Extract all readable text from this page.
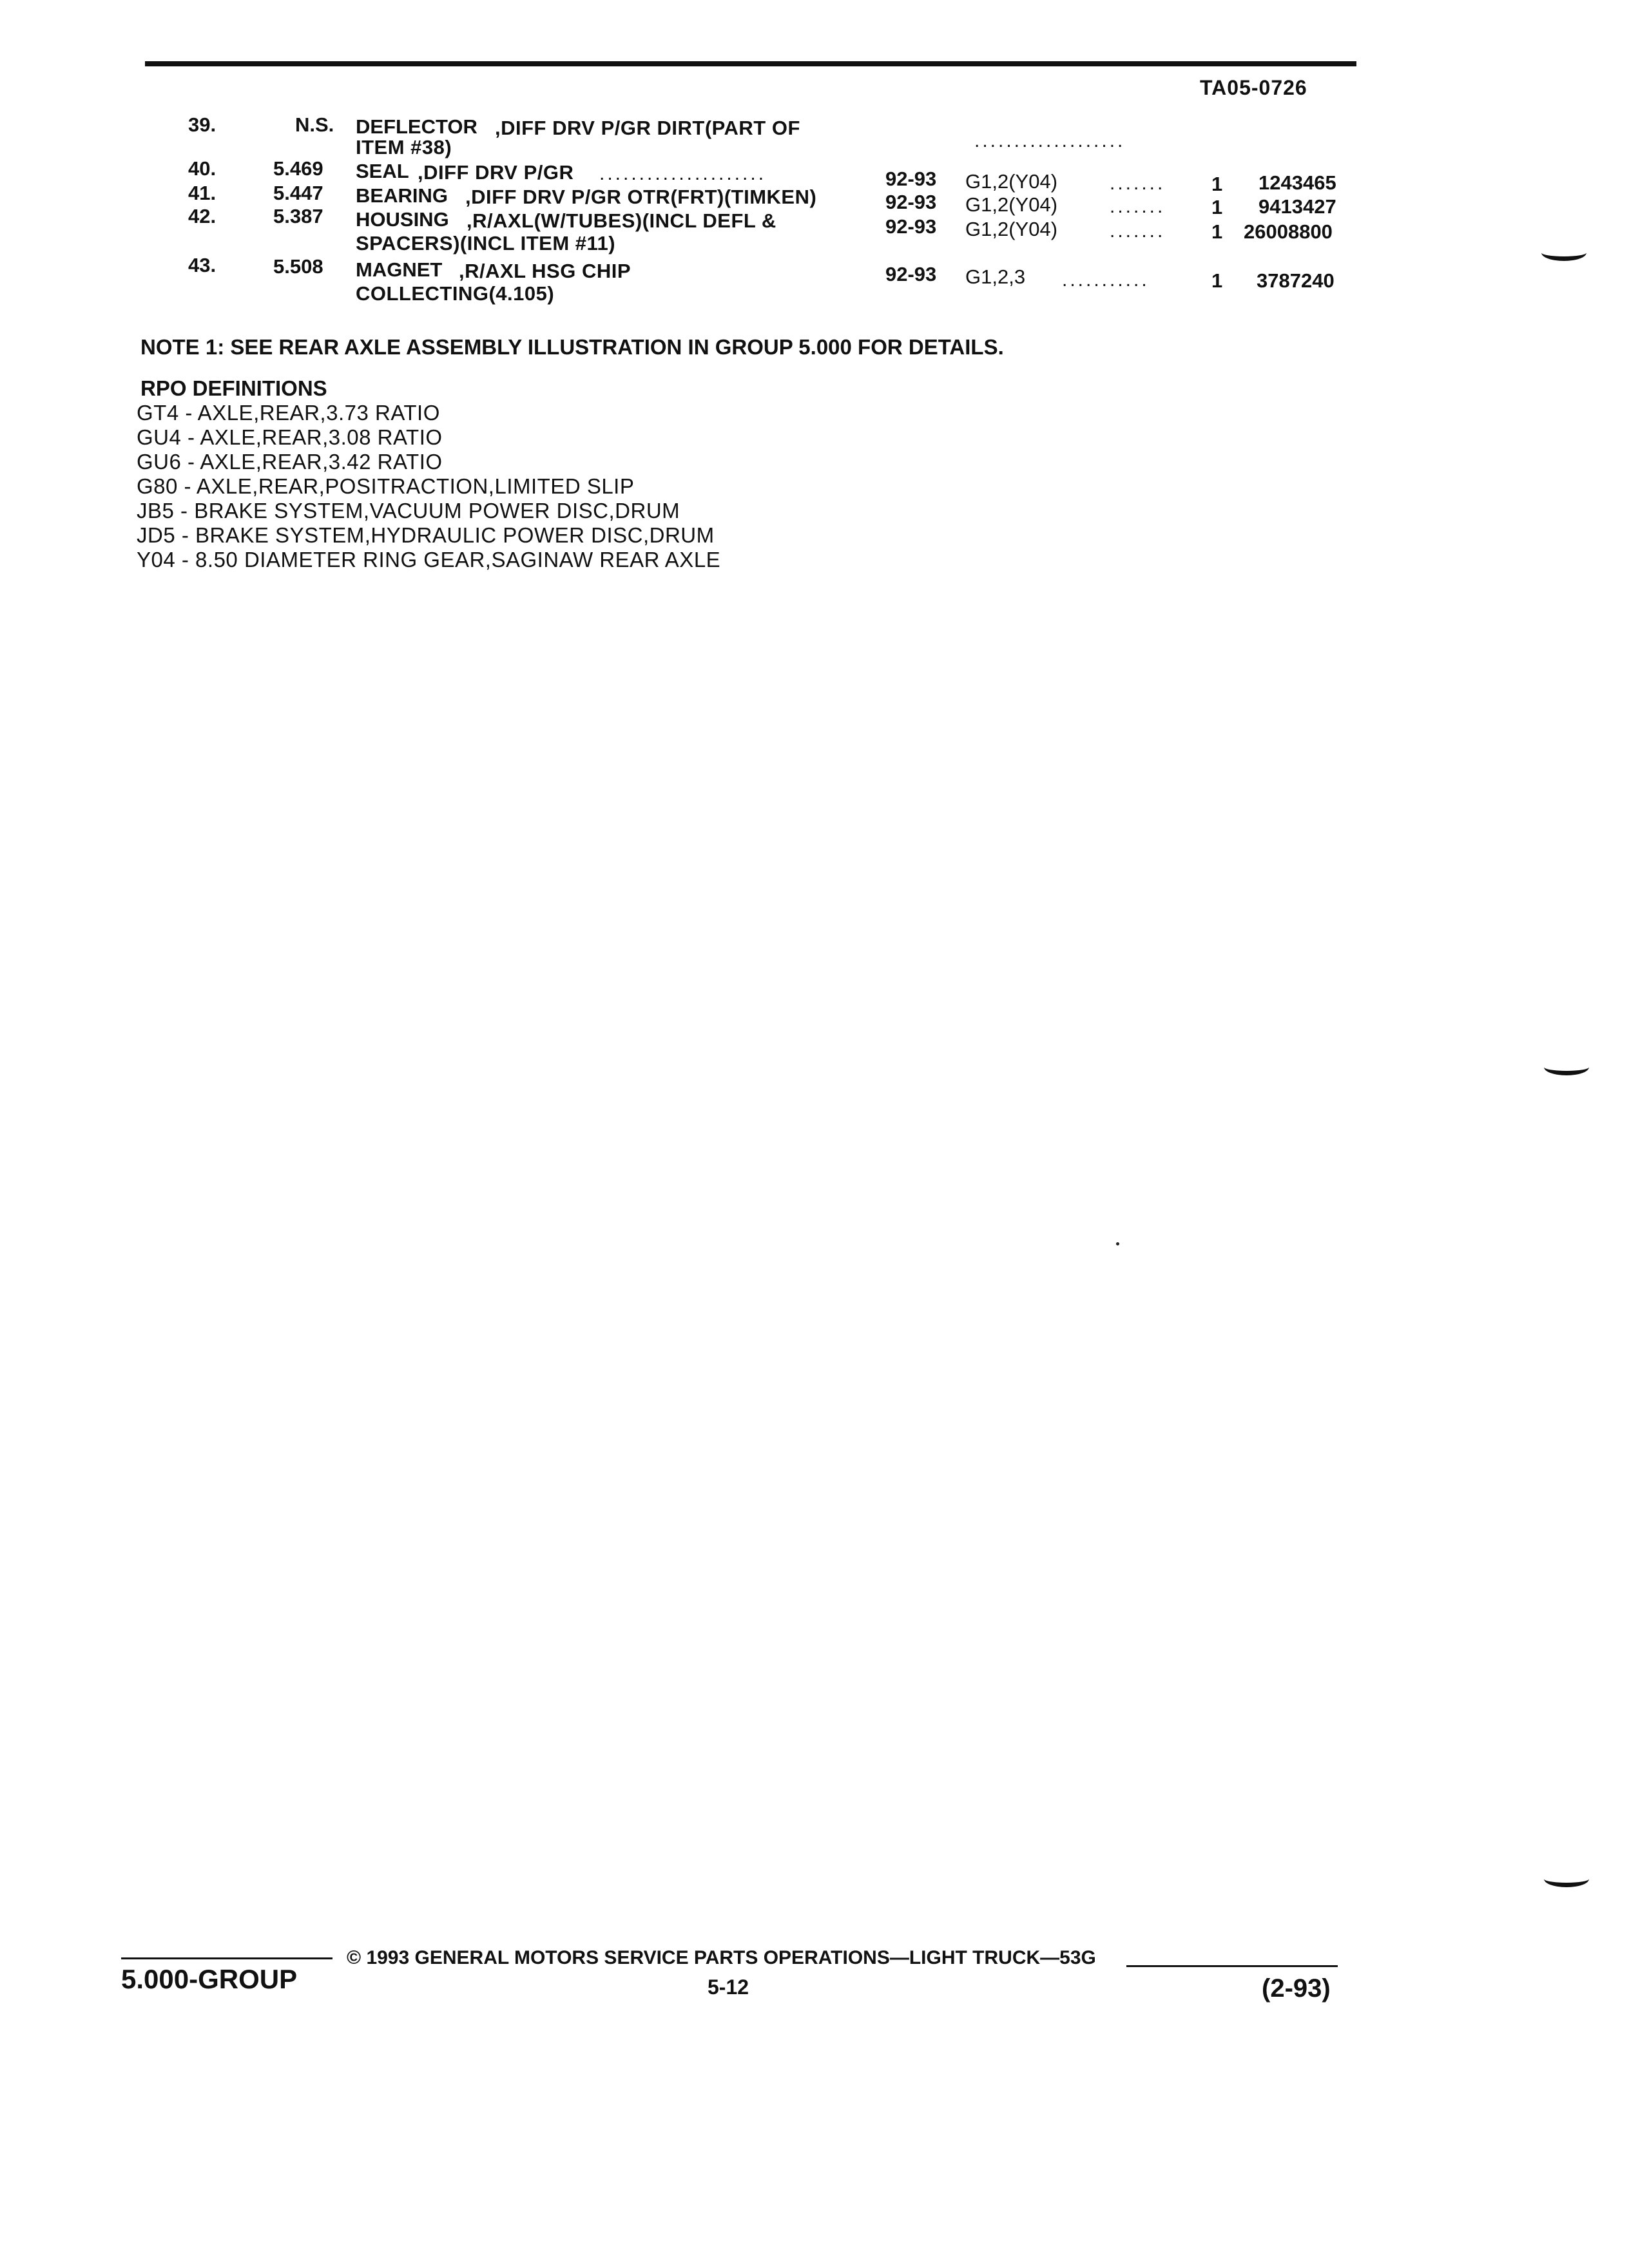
TA05-0726
39.	N.S. DEFLECTOR ,DIFF DRV P/GR DIRT(PART OF
ITEM #38)	...................
40.	5.469 SEAL ,DIFF DRV P/GR .....................	92-93 G1,2(Y04)	....... 1 1243465
41.	5.447 BEARING ,DIFF DRV P/GR OTR(FRT)(TIMKEN)	92-93 G1,2(Y04)	....... 1 9413427
42.	5.387 HOUSING ,R/AXL(W/TUBES)(INCL DEFL &
SPACERS)(INCL ITEM #11)
92-93 G1,2(Y04)	....... 1 26008800
43.	5.508 MAGNET ,R/AXL HSG CHIP
COLLECTING(4.105)
92-93 G1,2,3 ...........	1 3787240
NOTE 1: SEE REAR AXLE ASSEMBLY ILLUSTRATION IN GROUP 5.000 FOR DETAILS.
RPO DEFINITIONS
GT4 - AXLE,REAR,3.73 RATIO
GU4 - AXLE,REAR,3.08 RATIO
GU6 - AXLE,REAR,3.42 RATIO
G80 - AXLE,REAR,POSITRACTION,LIMITED SLIP
JB5 - BRAKE SYSTEM,VACUUM POWER DISC,DRUM
JD5 - BRAKE SYSTEM,HYDRAULIC POWER DISC,DRUM
Y04 - 8.50 DIAMETER RING GEAR,SAGINAW REAR AXLE
© 1993 GENERAL MOTORS SERVICE PARTS OPERATIONS—LIGHT TRUCK—53G
5.000-GROUP	5-12	(2-93)
